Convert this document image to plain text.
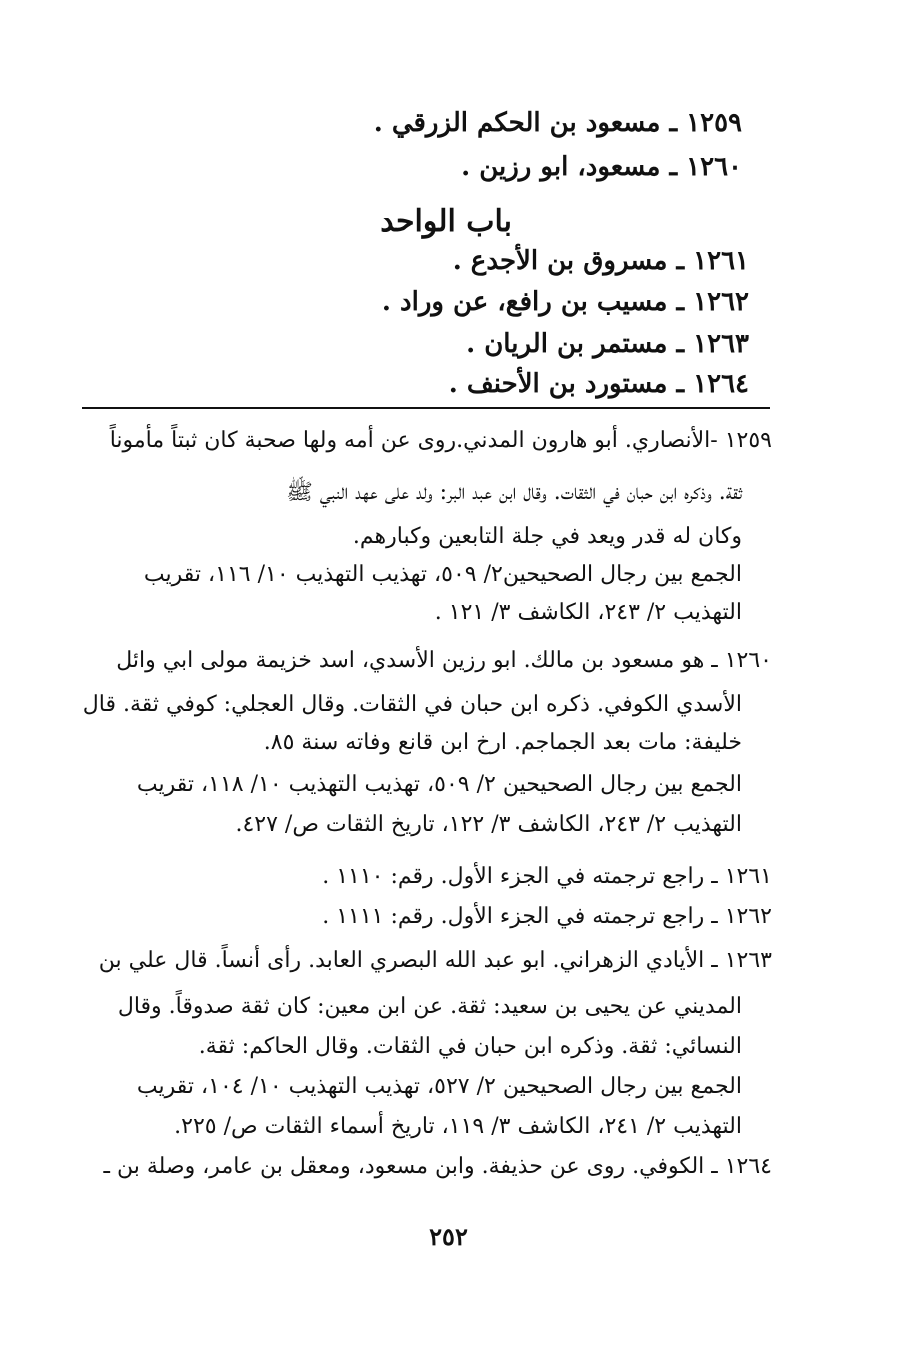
١٢٥٩ ـ مسعود بن الحكم الزرقي .
١٢٦٠ ـ مسعود، ابو رزين .
باب الواحد
١٢٦١ ـ مسروق بن الأجدع .
١٢٦٢ ـ مسيب بن رافع، عن وراد .
١٢٦٣ ـ مستمر بن الريان .
١٢٦٤ ـ مستورد بن الأحنف .
١٢٥٩ -الأنصاري. أبو هارون المدني.روى عن أمه ولها صحبة كان ثبتاً مأموناً
ثقة. وذكره ابن حبان في الثقات. وقال ابن عبد البر: ولد على عهد النبي ﷺ
وكان له قدر ويعد في جلة التابعين وكبارهم.
الجمع بين رجال الصحيحين٢/ ٥٠٩، تهذيب التهذيب ١٠/ ١١٦، تقريب
التهذيب ٢/ ٢٤٣، الكاشف ٣/ ١٢١ .
١٢٦٠ ـ هو مسعود بن مالك. ابو رزين الأسدي، اسد خزيمة مولى ابي وائل
الأسدي الكوفي. ذكره ابن حبان في الثقات. وقال العجلي: كوفي ثقة. قال
خليفة: مات بعد الجماجم. ارخ ابن قانع وفاته سنة ٨٥.
الجمع بين رجال الصحيحين ٢/ ٥٠٩، تهذيب التهذيب ١٠/ ١١٨، تقريب
التهذيب ٢/ ٢٤٣، الكاشف ٣/ ١٢٢، تاريخ الثقات ص/ ٤٢٧.
١٢٦١ ـ راجع ترجمته في الجزء الأول. رقم: ١١١٠ .
١٢٦٢ ـ راجع ترجمته في الجزء الأول. رقم: ١١١١ .
١٢٦٣ ـ الأيادي الزهراني. ابو عبد الله البصري العابد. رأى أنساً. قال علي بن
المديني عن يحيى بن سعيد: ثقة. عن ابن معين: كان ثقة صدوقاً. وقال
النسائي: ثقة. وذكره ابن حبان في الثقات. وقال الحاكم: ثقة.
الجمع بين رجال الصحيحين ٢/ ٥٢٧، تهذيب التهذيب ١٠/ ١٠٤، تقريب
التهذيب ٢/ ٢٤١، الكاشف ٣/ ١١٩، تاريخ أسماء الثقات ص/ ٢٢٥.
١٢٦٤ ـ الكوفي. روى عن حذيفة. وابن مسعود، ومعقل بن عامر، وصلة بن ـ
٢٥٢
